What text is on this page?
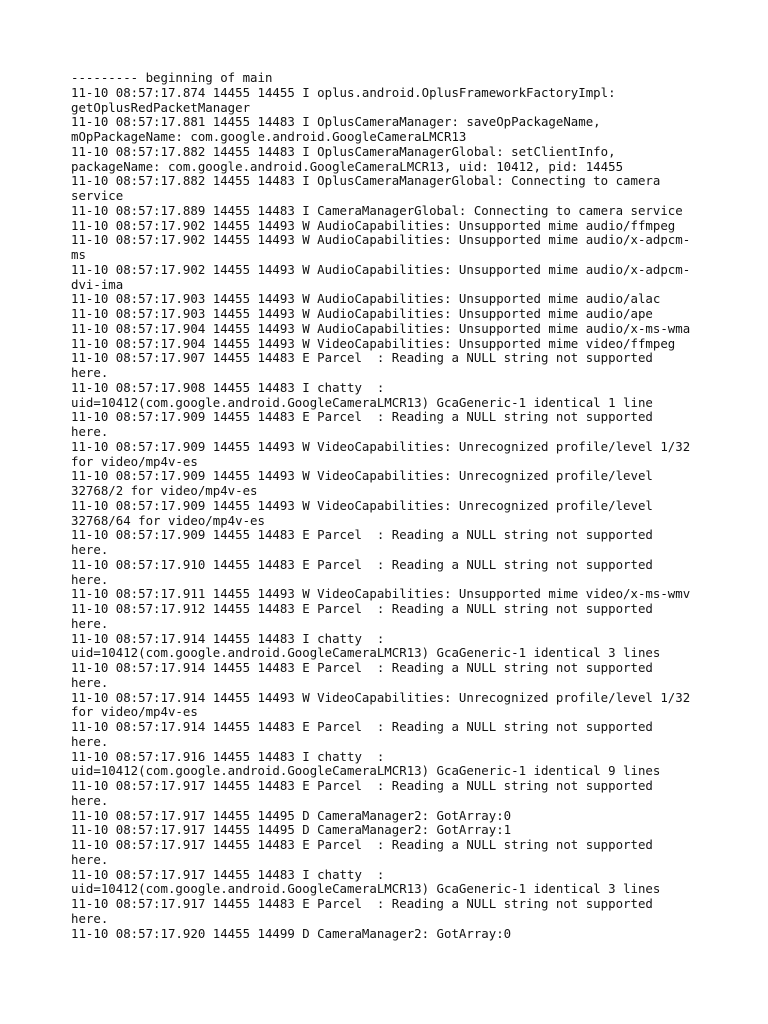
--------- beginning of main
11-10 08:57:17.874 14455 14455 I oplus.android.OplusFrameworkFactoryImpl:
getOplusRedPacketManager
11-10 08:57:17.881 14455 14483 I OplusCameraManager: saveOpPackageName,
mOpPackageName: com.google.android.GoogleCameraLMCR13
11-10 08:57:17.882 14455 14483 I OplusCameraManagerGlobal: setClientInfo,
packageName: com.google.android.GoogleCameraLMCR13, uid: 10412, pid: 14455
11-10 08:57:17.882 14455 14483 I OplusCameraManagerGlobal: Connecting to camera
service
11-10 08:57:17.889 14455 14483 I CameraManagerGlobal: Connecting to camera service
11-10 08:57:17.902 14455 14493 W AudioCapabilities: Unsupported mime audio/ffmpeg
11-10 08:57:17.902 14455 14493 W AudioCapabilities: Unsupported mime audio/x-adpcm-
ms
11-10 08:57:17.902 14455 14493 W AudioCapabilities: Unsupported mime audio/x-adpcm-
dvi-ima
11-10 08:57:17.903 14455 14493 W AudioCapabilities: Unsupported mime audio/alac
11-10 08:57:17.903 14455 14493 W AudioCapabilities: Unsupported mime audio/ape
11-10 08:57:17.904 14455 14493 W AudioCapabilities: Unsupported mime audio/x-ms-wma
11-10 08:57:17.904 14455 14493 W VideoCapabilities: Unsupported mime video/ffmpeg
11-10 08:57:17.907 14455 14483 E Parcel  : Reading a NULL string not supported
here.
11-10 08:57:17.908 14455 14483 I chatty  :
uid=10412(com.google.android.GoogleCameraLMCR13) GcaGeneric-1 identical 1 line
11-10 08:57:17.909 14455 14483 E Parcel  : Reading a NULL string not supported
here.
11-10 08:57:17.909 14455 14493 W VideoCapabilities: Unrecognized profile/level 1/32
for video/mp4v-es
11-10 08:57:17.909 14455 14493 W VideoCapabilities: Unrecognized profile/level
32768/2 for video/mp4v-es
11-10 08:57:17.909 14455 14493 W VideoCapabilities: Unrecognized profile/level
32768/64 for video/mp4v-es
11-10 08:57:17.909 14455 14483 E Parcel  : Reading a NULL string not supported
here.
11-10 08:57:17.910 14455 14483 E Parcel  : Reading a NULL string not supported
here.
11-10 08:57:17.911 14455 14493 W VideoCapabilities: Unsupported mime video/x-ms-wmv
11-10 08:57:17.912 14455 14483 E Parcel  : Reading a NULL string not supported
here.
11-10 08:57:17.914 14455 14483 I chatty  :
uid=10412(com.google.android.GoogleCameraLMCR13) GcaGeneric-1 identical 3 lines
11-10 08:57:17.914 14455 14483 E Parcel  : Reading a NULL string not supported
here.
11-10 08:57:17.914 14455 14493 W VideoCapabilities: Unrecognized profile/level 1/32
for video/mp4v-es
11-10 08:57:17.914 14455 14483 E Parcel  : Reading a NULL string not supported
here.
11-10 08:57:17.916 14455 14483 I chatty  :
uid=10412(com.google.android.GoogleCameraLMCR13) GcaGeneric-1 identical 9 lines
11-10 08:57:17.917 14455 14483 E Parcel  : Reading a NULL string not supported
here.
11-10 08:57:17.917 14455 14495 D CameraManager2: GotArray:0
11-10 08:57:17.917 14455 14495 D CameraManager2: GotArray:1
11-10 08:57:17.917 14455 14483 E Parcel  : Reading a NULL string not supported
here.
11-10 08:57:17.917 14455 14483 I chatty  :
uid=10412(com.google.android.GoogleCameraLMCR13) GcaGeneric-1 identical 3 lines
11-10 08:57:17.917 14455 14483 E Parcel  : Reading a NULL string not supported
here.
11-10 08:57:17.920 14455 14499 D CameraManager2: GotArray:0
